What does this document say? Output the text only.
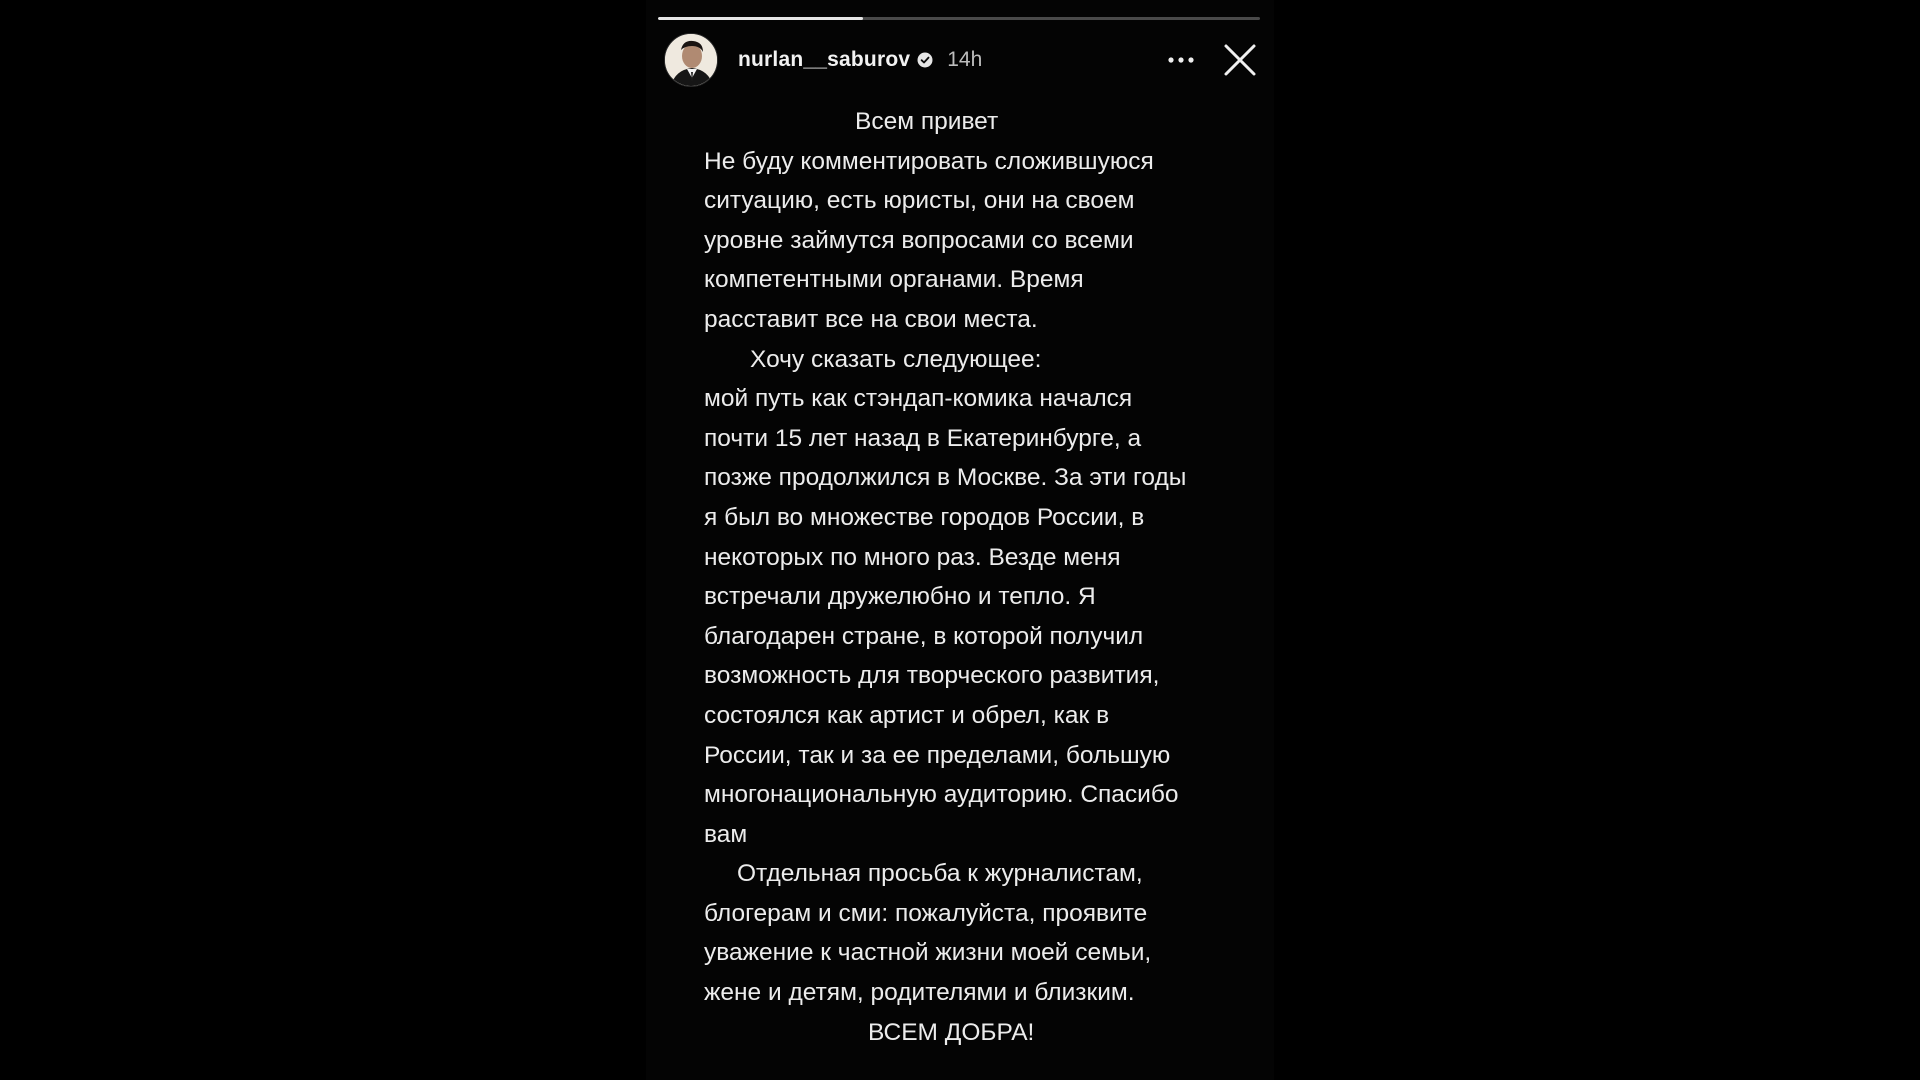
nurlan__saburov 14h
Всем привет
Не буду комментировать сложившуюся
ситуацию, есть юристы, они на своем
уровне займутся вопросами со всеми
компетентными органами. Время
расставит все на свои места.
Хочу сказать следующее:
мой путь как стэндап-комика начался
почти 15 лет назад в Екатеринбурге, а
позже продолжился в Москве. За эти годы
я был во множестве городов России, в
некоторых по много раз. Везде меня
встречали дружелюбно и тепло. Я
благодарен стране, в которой получил
возможность для творческого развития,
состоялся как артист и обрел, как в
России, так и за ее пределами, большую
многонациональную аудиторию. Спасибо
вам
Отдельная просьба к журналистам,
блогерам и сми: пожалуйста, проявите
уважение к частной жизни моей семьи,
жене и детям, родителями и близким.
ВСЕМ ДОБРА!
